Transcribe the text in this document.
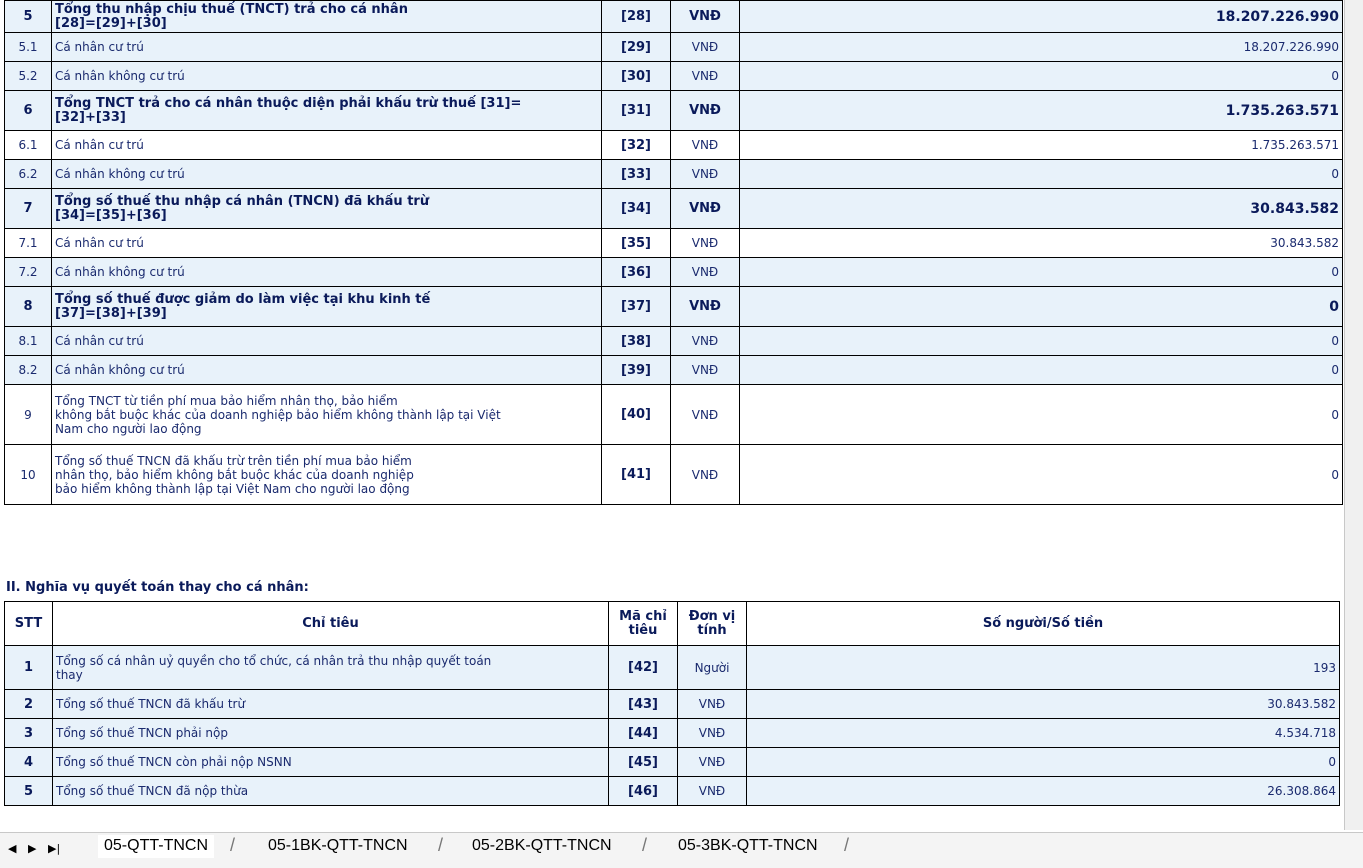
5	Tổng thu nhập chịu thuế (TNCT) trả cho cá nhân
[28]=[29]+[30]	[28]	VNĐ	18.207.226.990
5.1	Cá nhân cư trú	[29]	VNĐ	18.207.226.990
5.2	Cá nhân không cư trú	[30]	VNĐ	0
6	Tổng TNCT trả cho cá nhân thuộc diện phải khấu trừ thuế [31]=
[32]+[33]	[31]	VNĐ	1.735.263.571
6.1	Cá nhân cư trú	[32]	VNĐ	1.735.263.571
6.2	Cá nhân không cư trú	[33]	VNĐ	0
7	Tổng số thuế thu nhập cá nhân (TNCN) đã khấu trừ
[34]=[35]+[36]	[34]	VNĐ	30.843.582
7.1	Cá nhân cư trú	[35]	VNĐ	30.843.582
7.2	Cá nhân không cư trú	[36]	VNĐ	0
8	Tổng số thuế được giảm do làm việc tại khu kinh tế
[37]=[38]+[39]	[37]	VNĐ	0
8.1	Cá nhân cư trú	[38]	VNĐ	0
8.2	Cá nhân không cư trú	[39]	VNĐ	0
9	Tổng TNCT từ tiền phí mua bảo hiểm nhân thọ, bảo hiểm
không bắt buộc khác của doanh nghiệp bảo hiểm không thành lập tại Việt
Nam cho người lao động	[40]	VNĐ	0
10	Tổng số thuế TNCN đã khấu trừ trên tiền phí mua bảo hiểm
nhân thọ, bảo hiểm không bắt buộc khác của doanh nghiệp
bảo hiểm không thành lập tại Việt Nam cho người lao động	[41]	VNĐ	0
II. Nghĩa vụ quyết toán thay cho cá nhân:
STT	Chỉ tiêu	Mã chỉ
tiêu	Đơn vị
tính	Số người/Số tiền
1	Tổng số cá nhân uỷ quyền cho tổ chức, cá nhân trả thu nhập quyết toán
thay	[42]	Người	193
2	Tổng số thuế TNCN đã khấu trừ	[43]	VNĐ	30.843.582
3	Tổng số thuế TNCN phải nộp	[44]	VNĐ	4.534.718
4	Tổng số thuế TNCN còn phải nộp NSNN	[45]	VNĐ	0
5	Tổng số thuế TNCN đã nộp thừa	[46]	VNĐ	26.308.864
◀ ▶ ▶|	05-QTT-TNCN	/	05-1BK-QTT-TNCN	/	05-2BK-QTT-TNCN	/	05-3BK-QTT-TNCN	/
